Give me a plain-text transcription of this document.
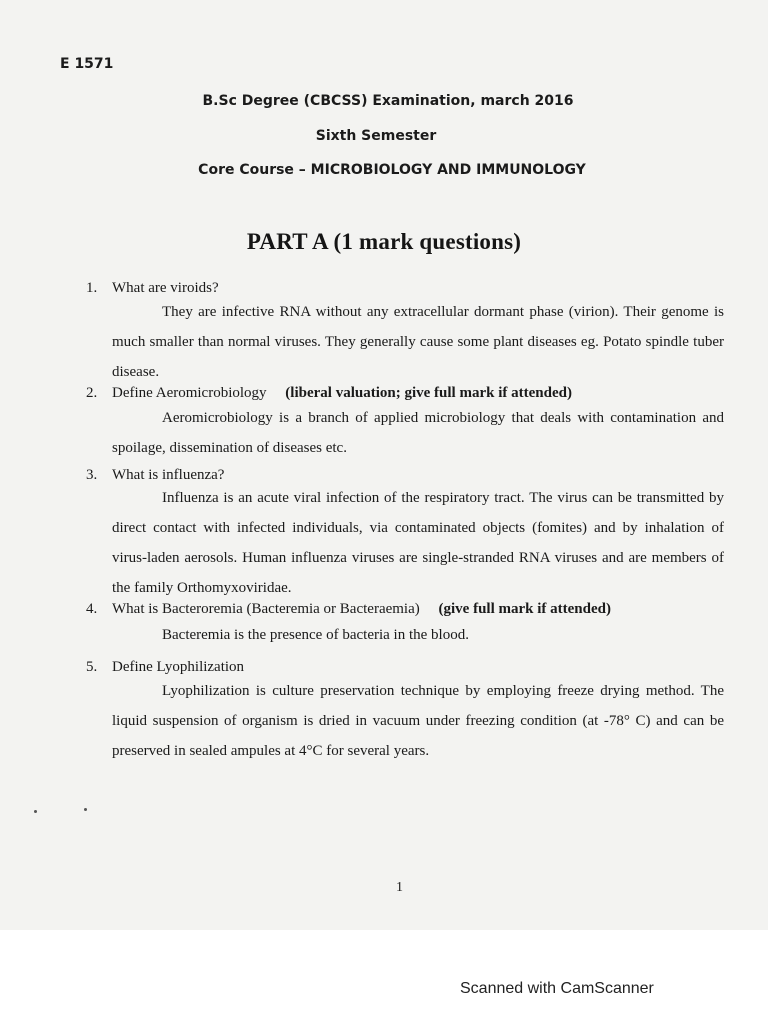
E 1571
B.Sc Degree (CBCSS) Examination, march 2016
Sixth Semester
Core Course – MICROBIOLOGY AND IMMUNOLOGY
PART A (1 mark questions)
1. What are viroids?
They are infective RNA without any extracellular dormant phase (virion). Their genome is much smaller than normal viruses. They generally cause some plant diseases eg. Potato spindle tuber disease.
2. Define Aeromicrobiology (liberal valuation; give full mark if attended)
Aeromicrobiology is a branch of applied microbiology that deals with contamination and spoilage, dissemination of diseases etc.
3. What is influenza?
Influenza is an acute viral infection of the respiratory tract. The virus can be transmitted by direct contact with infected individuals, via contaminated objects (fomites) and by inhalation of virus-laden aerosols. Human influenza viruses are single-stranded RNA viruses and are members of the family Orthomyxoviridae.
4. What is Bacteroremia (Bacteremia or Bacteraemia) (give full mark if attended)
Bacteremia is the presence of bacteria in the blood.
5. Define Lyophilization
Lyophilization is culture preservation technique by employing freeze drying method. The liquid suspension of organism is dried in vacuum under freezing condition (at -78° C) and can be preserved in sealed ampules at 4°C for several years.
1
Scanned with CamScanner
